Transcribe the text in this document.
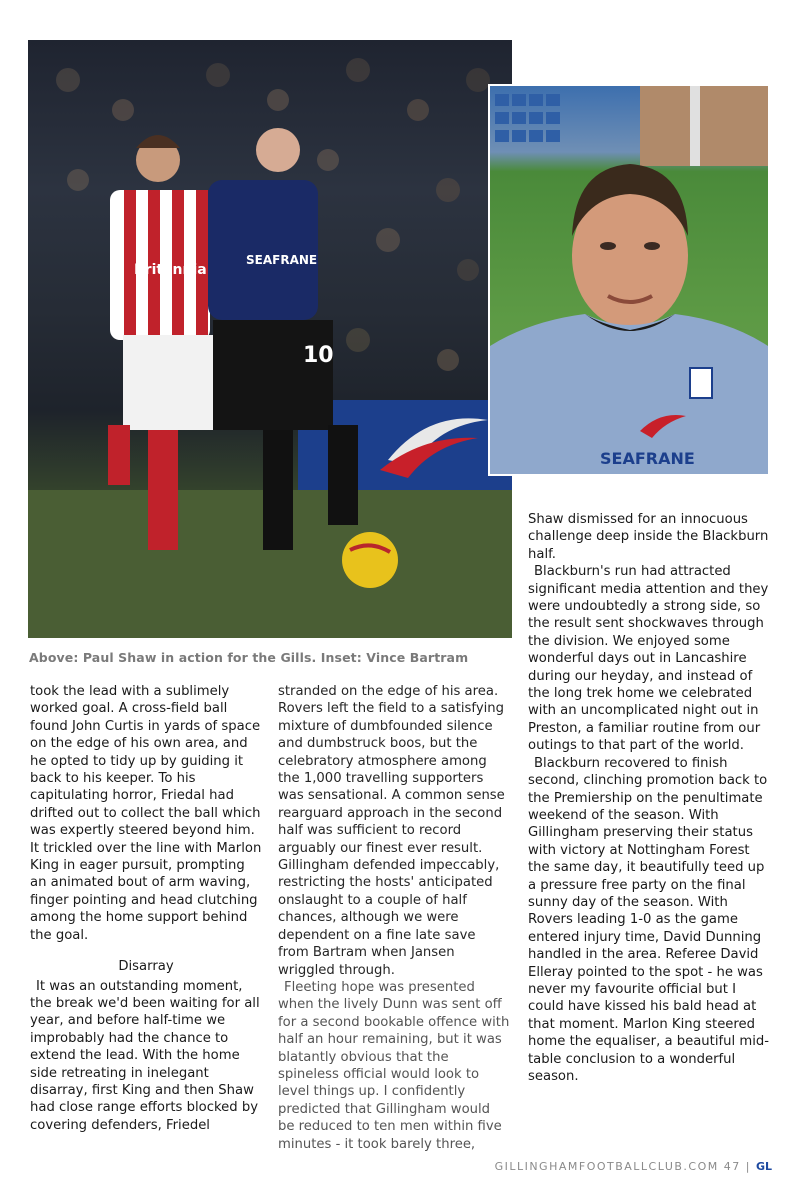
Britannia
SEAFRANE
10
SEAFRANE
Above: Paul Shaw in action for the Gills. Inset: Vince Bartram

took the lead with a sublimely worked goal. A cross-field ball found John Curtis in yards of space on the edge of his own area, and he opted to tidy up by guiding it back to his keeper. To his capitulating horror, Friedal had drifted out to collect the ball which was expertly steered beyond him. It trickled over the line with Marlon King in eager pursuit, prompting an animated bout of arm waving, finger pointing and head clutching among the home support behind the goal.

Disarray

It was an outstanding moment, the break we'd been waiting for all year, and before half-time we improbably had the chance to extend the lead. With the home side retreating in inelegant disarray, first King and then Shaw had close range efforts blocked by covering defenders, Friedel

stranded on the edge of his area. Rovers left the field to a satisfying mixture of dumbfounded silence and dumbstruck boos, but the celebratory atmosphere among the 1,000 travelling supporters was sensational. A common sense rearguard approach in the second half was sufficient to record arguably our finest ever result. Gillingham defended impeccably, restricting the hosts' anticipated onslaught to a couple of half chances, although we were dependent on a fine late save from Bartram when Jansen wriggled through.

Fleeting hope was presented when the lively Dunn was sent off for a second bookable offence with half an hour remaining, but it was blatantly obvious that the spineless official would look to level things up. I confidently predicted that Gillingham would be reduced to ten men within five minutes - it took barely three,

Shaw dismissed for an innocuous challenge deep inside the Blackburn half.

Blackburn's run had attracted significant media attention and they were undoubtedly a strong side, so the result sent shockwaves through the division. We enjoyed some wonderful days out in Lancashire during our heyday, and instead of the long trek home we celebrated with an uncomplicated night out in Preston, a familiar routine from our outings to that part of the world.

Blackburn recovered to finish second, clinching promotion back to the Premiership on the penultimate weekend of the season. With Gillingham preserving their status with victory at Nottingham Forest the same day, it beautifully teed up a pressure free party on the final sunny day of the season. With Rovers leading 1-0 as the game entered injury time, David Dunning handled in the area. Referee David Elleray pointed to the spot - he was never my favourite official but I could have kissed his bald head at that moment. Marlon King steered home the equaliser, a beautiful mid-table conclusion to a wonderful season.

GILLINGHAMFOOTBALLCLUB.COM 47 | GL
